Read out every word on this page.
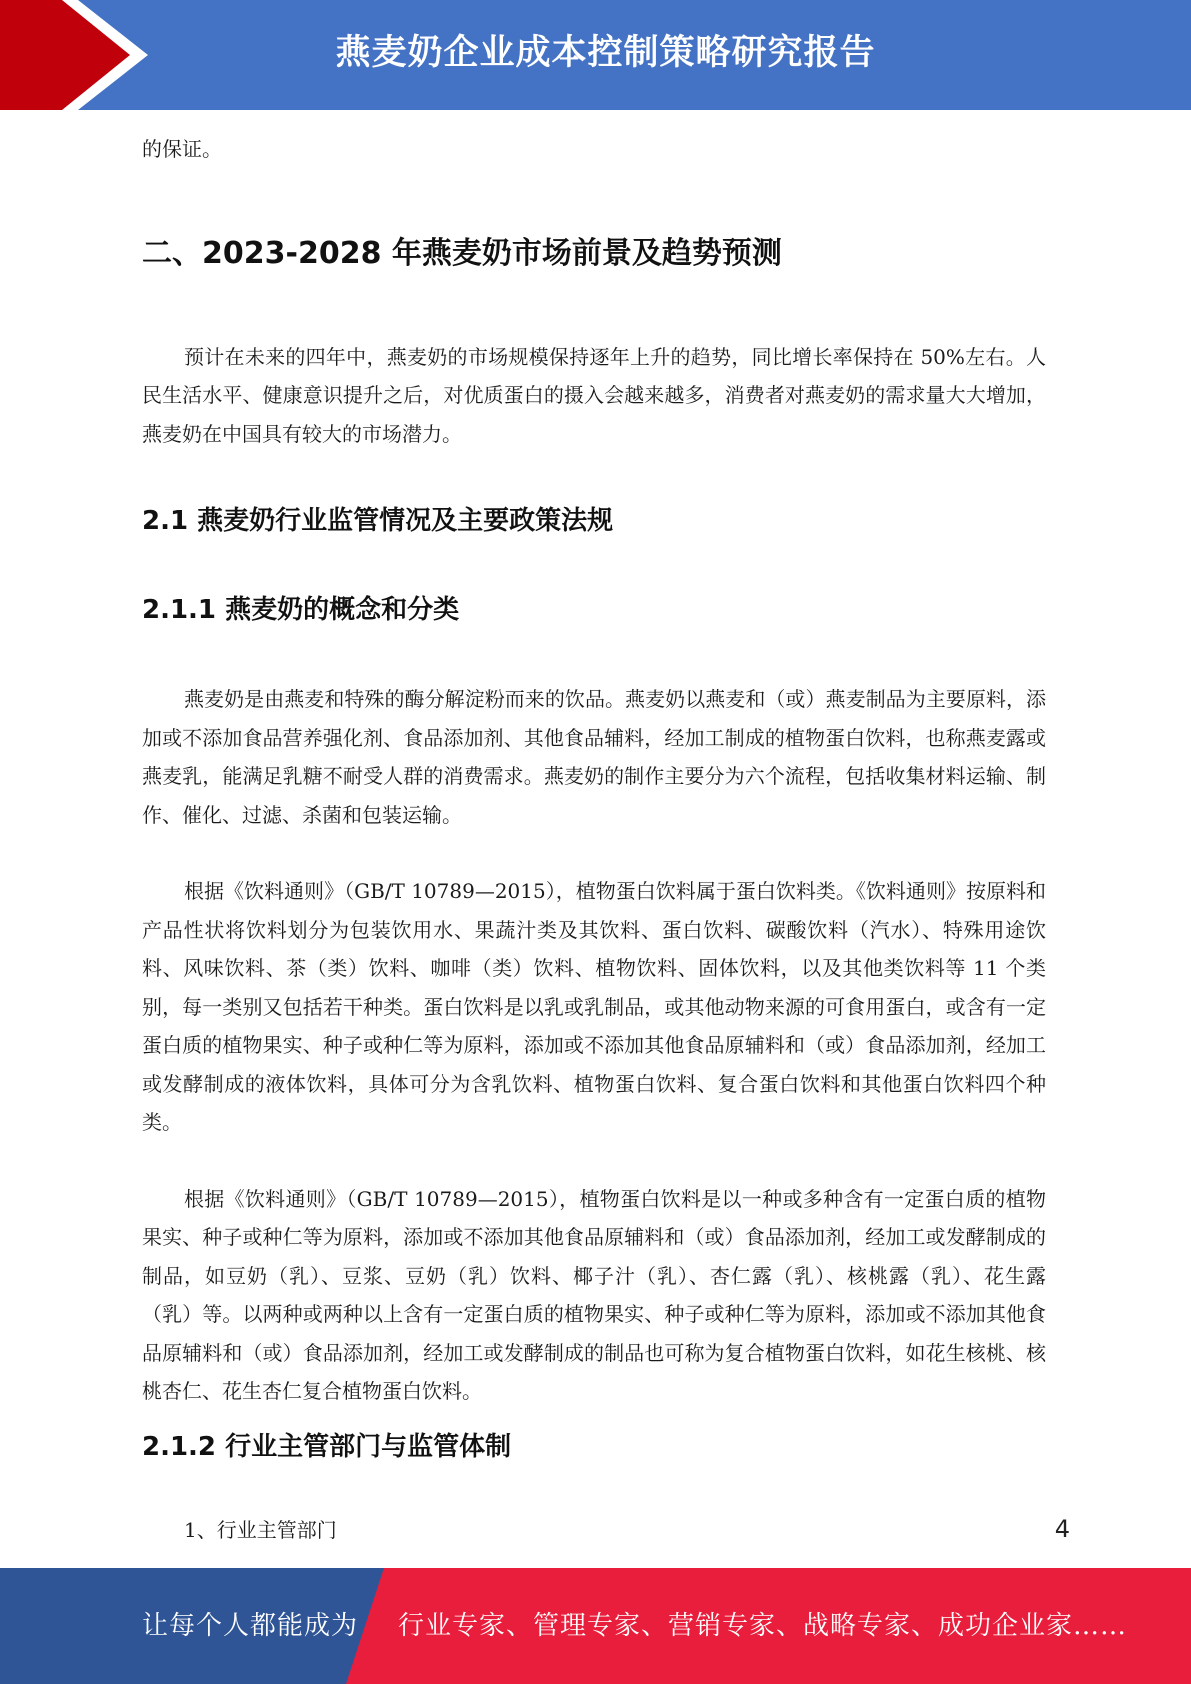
燕麦奶企业成本控制策略研究报告

的保证。

二、2023-2028 年燕麦奶市场前景及趋势预测

预计在未来的四年中，燕麦奶的市场规模保持逐年上升的趋势，同比增长率保持在 50%左右。人民生活水平、健康意识提升之后，对优质蛋白的摄入会越来越多，消费者对燕麦奶的需求量大大增加，燕麦奶在中国具有较大的市场潜力。

2.1 燕麦奶行业监管情况及主要政策法规
2.1.1 燕麦奶的概念和分类

燕麦奶是由燕麦和特殊的酶分解淀粉而来的饮品。燕麦奶以燕麦和（或）燕麦制品为主要原料，添加或不添加食品营养强化剂、食品添加剂、其他食品辅料，经加工制成的植物蛋白饮料，也称燕麦露或燕麦乳，能满足乳糖不耐受人群的消费需求。燕麦奶的制作主要分为六个流程，包括收集材料运输、制作、催化、过滤、杀菌和包装运输。

根据《饮料通则》（GB/T 10789—2015），植物蛋白饮料属于蛋白饮料类。《饮料通则》按原料和产品性状将饮料划分为包装饮用水、果蔬汁类及其饮料、蛋白饮料、碳酸饮料（汽水）、特殊用途饮料、风味饮料、茶（类）饮料、咖啡（类）饮料、植物饮料、固体饮料，以及其他类饮料等 11 个类别，每一类别又包括若干种类。蛋白饮料是以乳或乳制品，或其他动物来源的可食用蛋白，或含有一定蛋白质的植物果实、种子或种仁等为原料，添加或不添加其他食品原辅料和（或）食品添加剂，经加工或发酵制成的液体饮料，具体可分为含乳饮料、植物蛋白饮料、复合蛋白饮料和其他蛋白饮料四个种类。

根据《饮料通则》（GB/T 10789—2015），植物蛋白饮料是以一种或多种含有一定蛋白质的植物果实、种子或种仁等为原料，添加或不添加其他食品原辅料和（或）食品添加剂，经加工或发酵制成的制品，如豆奶（乳）、豆浆、豆奶（乳）饮料、椰子汁（乳）、杏仁露（乳）、核桃露（乳）、花生露（乳）等。以两种或两种以上含有一定蛋白质的植物果实、种子或种仁等为原料，添加或不添加其他食品原辅料和（或）食品添加剂，经加工或发酵制成的制品也可称为复合植物蛋白饮料，如花生核桃、核桃杏仁、花生杏仁复合植物蛋白饮料。

2.1.2 行业主管部门与监管体制

1、行业主管部门	4
让每个人都能成为 行业专家、管理专家、营销专家、战略专家、成功企业家……
